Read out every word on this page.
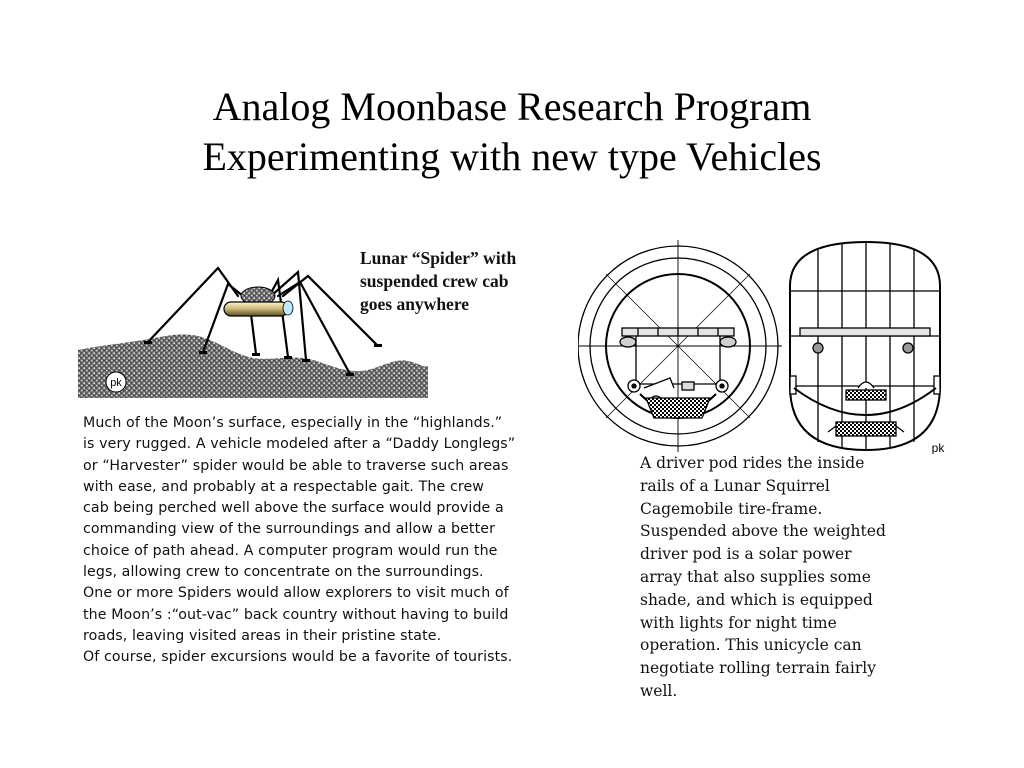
Analog Moonbase Research Program
Experimenting with new type Vehicles
pk
Lunar “Spider” with
suspended crew cab
goes anywhere
Much of the Moon’s surface, especially in the “highlands.”
is very rugged. A vehicle modeled after a “Daddy Longlegs”
or “Harvester” spider would be able to traverse such areas
with ease, and probably at a respectable gait. The crew
cab being perched well above the surface would provide a
commanding view of the surroundings and allow a better
choice of path ahead. A computer program would run the
legs, allowing crew to concentrate on the surroundings.
One or more Spiders would allow explorers to visit much of
the Moon’s :“out-vac” back country without having to build
roads, leaving visited areas in their pristine state.
Of course, spider excursions would be a favorite of tourists.
pk
A driver pod rides the inside
rails of a Lunar Squirrel
Cagemobile tire-frame.
Suspended above the weighted
driver pod is a solar power
array that also supplies some
shade, and which is equipped
with lights for night time
operation. This unicycle can
negotiate rolling terrain fairly
well.
